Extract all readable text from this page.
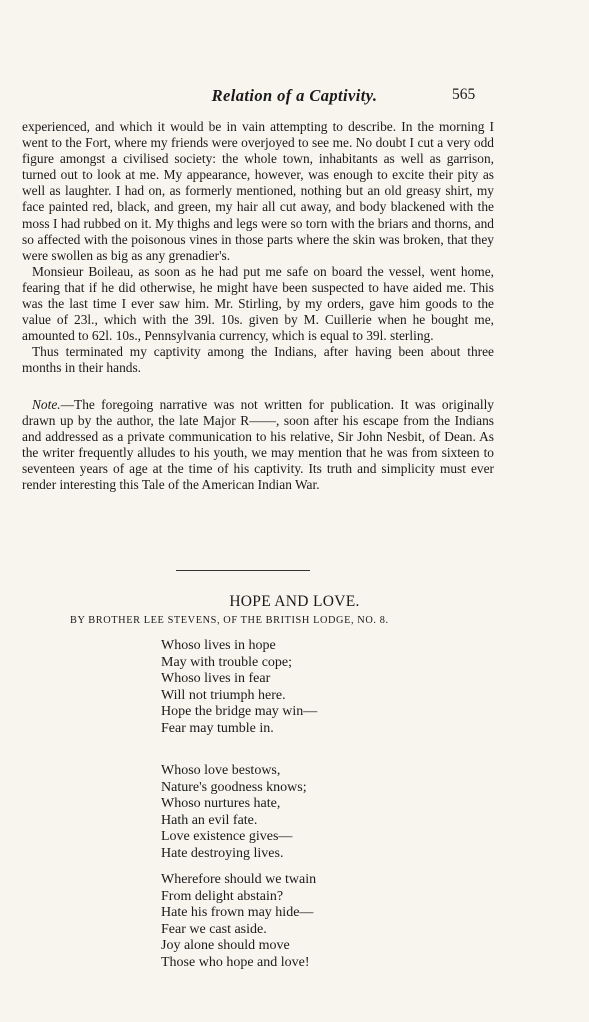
Relation of a Captivity.	565

experienced, and which it would be in vain attempting to describe. In the morning I went to the Fort, where my friends were overjoyed to see me. No doubt I cut a very odd figure amongst a civilised society: the whole town, inhabitants as well as garrison, turned out to look at me. My appearance, however, was enough to excite their pity as well as laughter. I had on, as formerly mentioned, nothing but an old greasy shirt, my face painted red, black, and green, my hair all cut away, and body blackened with the moss I had rubbed on it. My thighs and legs were so torn with the briars and thorns, and so affected with the poisonous vines in those parts where the skin was broken, that they were swollen as big as any grenadier's.

Monsieur Boileau, as soon as he had put me safe on board the vessel, went home, fearing that if he did otherwise, he might have been suspected to have aided me. This was the last time I ever saw him. Mr. Stirling, by my orders, gave him goods to the value of 23l., which with the 39l. 10s. given by M. Cuillerie when he bought me, amounted to 62l. 10s., Pennsylvania currency, which is equal to 39l. sterling.

Thus terminated my captivity among the Indians, after having been about three months in their hands.

Note.—The foregoing narrative was not written for publication. It was originally drawn up by the author, the late Major R——, soon after his escape from the Indians and addressed as a private communication to his relative, Sir John Nesbit, of Dean. As the writer frequently alludes to his youth, we may mention that he was from sixteen to seventeen years of age at the time of his captivity. Its truth and simplicity must ever render interesting this Tale of the American Indian War.
HOPE AND LOVE.
BY BROTHER LEE STEVENS, OF THE BRITISH LODGE, NO. 8.
Whoso lives in hope
May with trouble cope;
Whoso lives in fear
Will not triumph here.
Hope the bridge may win—
Fear may tumble in.
Whoso love bestows,
Nature's goodness knows;
Whoso nurtures hate,
Hath an evil fate.
Love existence gives—
Hate destroying lives.
Wherefore should we twain
From delight abstain?
Hate his frown may hide—
Fear we cast aside.
Joy alone should move
Those who hope and love!
